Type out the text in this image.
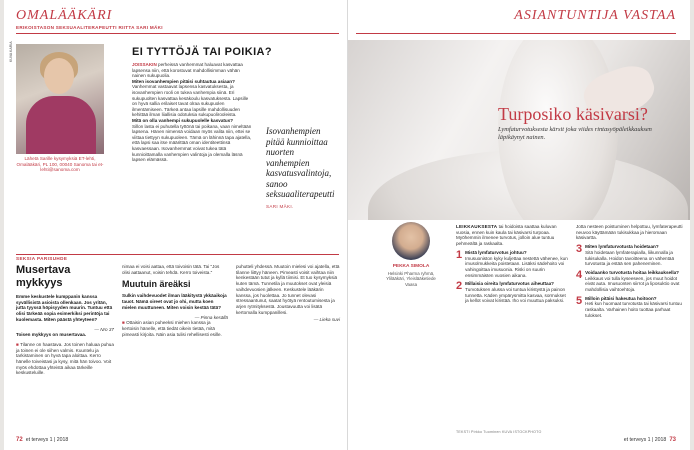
OMALÄÄKÄRI
ERIKOISTASON SEKSUAALITERAPEUTTI RIITTA SARI MÄKI
KUVA KARIA
Lähetä Sarille kysymyksiä ET-lehti, Omalääkäri, PL 100, 00040 Sanoma tai et-lehti@sanoma.com
EI TYTTÖJÄ TAI POIKIA?

JOISSAKIN perheissä vanhemmat haluavat kasvattaa lapsensa niin, että korostuvat mahdollisimman vähän nainen sukupuolia.

Miten isovanhempien pitäisi suhtautua asiaan?

Vanhemmat vastaavat lapsensa kasvatuksesta, ja isovanhempien rooli on tukea vanhempia siinä. Eri sukupuolten kasvattaa kesäkoulu kasvatuksesta. Lapsille on hyvä sallia erilaiset tavat olraa sukupuolen ilmentämiseen. Tärkeä antaa lapsille mahdollisuuden kehittää ilman liiallisia odotuksia sukupuolirooleista.

Mitä on olla vanhempi sukupuolelle kasvatus?

Sillon lasta ei puhutella tyttönä tai poikana, vaan nimeltään lapsena. Hänen nimensä voidaan myös valita niin, ettei se viittaa tiettyyn sukupuoleen. Tämä on lähinnä tapa ajatella, että lapsi saa itse määrittää oman identiteettinsä kasvaessaan. Isovanhemmat voivat tukea tätä kunnioittamalla vanhempien valintoja ja olemalla läsnä lapsen elämässä.

Isovanhempien pitää kunnioittaa nuorten vanhempien kasvatusvalintoja, sanoo seksuaaliterapeutti
SARI MÄKI.
SEKSIA PARISUHDE
Musertava mykkyys
Emme keskustele kumppanin kanssa syvällisistä asioista ollenkaan. Jos yritän, jutta tyyssä höpisyyden muurin. Tuntuu että olisi tärkeää sopia esimerkiksi perintöja tai kuolemasta. Miten päästä yhteyteen?
— Nro 37
Toisen mykkyys on musertavaa.

■ Tilanne on haastava. Jos toinen haluaa puhua ja toinen ei ole siihen valmis. Kuuntelu ja tarkistaminen on hyvä tapa aloittaa. Kerro hänelle toiveistasi ja kysy, mitä hän toivoo. Voit myös ehdottaa yhteistä aikaa tärkeille keskusteluille.

nimaa ei voisi aattaa, että toivoisin tätä. Tai "Jos olisi aattaanut, voisin tehdä. Kerro toiveista."

Muutuin äreäksi
Sulkin vaihdevuodet ilman lääkitystä ykkäaikoja tauot. Nämä oireet ovat jo ohi, mutta koen mielen muuttuneen. Miten voisin kestää tätä?
— Pinna kesällä

■ Ottaisin asian puheeksi miehen kanssa ja kertoisin hänelle, että tiedät oikein tietää, mitä pimeasti kirjoita. Näin asia tulisi rehellisesti esille.

puhutteli yhdessä. Muutoin mielesi voi ajatella, että tilanne liittyy häneen. Pimeasti voisit vaihtaa niin kenkestään tutut ja kyllä tiimisi. Et tuo kysymyksiä kuten tämä. Tunnetila ja muutokset ovat yleisiä vaihdevuosien jälkeen. Keskustele lääkärin kanssa, jos huolettaa. Jo tunnet olevasi stressaantunut, saatat hyötyä rentoutumisesta ja arjen rytmityksestä. Joustavuutta voi lisätä kertomalla kumppanillesi.

— Lieka suvi
72 et terveys 1 | 2018
ASIANTUNTIJA VASTAA
Turposiko käsivarsi?
Lymfaturvotuksesta kärsit joka viides rintasyöpäleikkauksen läpikäynyt nainen.
PEKKA SIMOLA
Helsinki Pharma ryhmä, Ylilääkäri, Yleislääketiede Vaasa

LEIKKAUKSESTA tai hoidoista saattaa kuluvan vuosia, ennen kuin kaula tai käsivarsi turpoaa. Myöhemmin ilmenee turvotus, jolloin alue tuntuu pehmeältä ja raskaalta.

1 Mistä lymfaturvotus johtuu?

Imusuoniston kyky kuljettaa nestettä vähenee, kun imusolmukkeita poistetaan. Lisäksi sädehoito voi vahingoittaa imusuonia. Riski on suurin ensimmäisten vuosien aikana.

2 Millaisia oireita lymfaturvotus aiheuttaa?

Turvotuksen alussa voi tuntua kiristystä ja painon tunnetta. Käden ympärysmitta kasvaa, sormukset ja kellot voivat kiristää. Iho voi muuttua paksuksi.

Jotta nesteen poistuminen helpottuu, lymfaterapeutti neuvoo käyttämään tukisukkaa ja hieromaan käsivartta.

3 Miten lymfaturvotusta hoidetaan?

Sitä hoidetaan lymfaterapialla, liikunnalla ja tukisukalla. Hoidon tavoitteena on vähentää turvotusta ja estää sen paheneminen.

4 Voidaanko turvotusta hoitaa leikkauksella?

Leikkaus voi tulla kyseeseen, jos muut hoidot eivät auta. Imusuonten siirrot ja liposuktio ovat mahdollisia vaihtoehtoja.

5 Milloin pitäisi hakeutua hoitoon?

Heti kun huomaat turvotusta tai käsivarsi tuntuu raskaalta. Varhainen hoito tuottaa parhaat tulokset.

TEKSTI Pirkko Tuominen KUVA ISTOCKPHOTO
et terveys 1 | 2018 73
